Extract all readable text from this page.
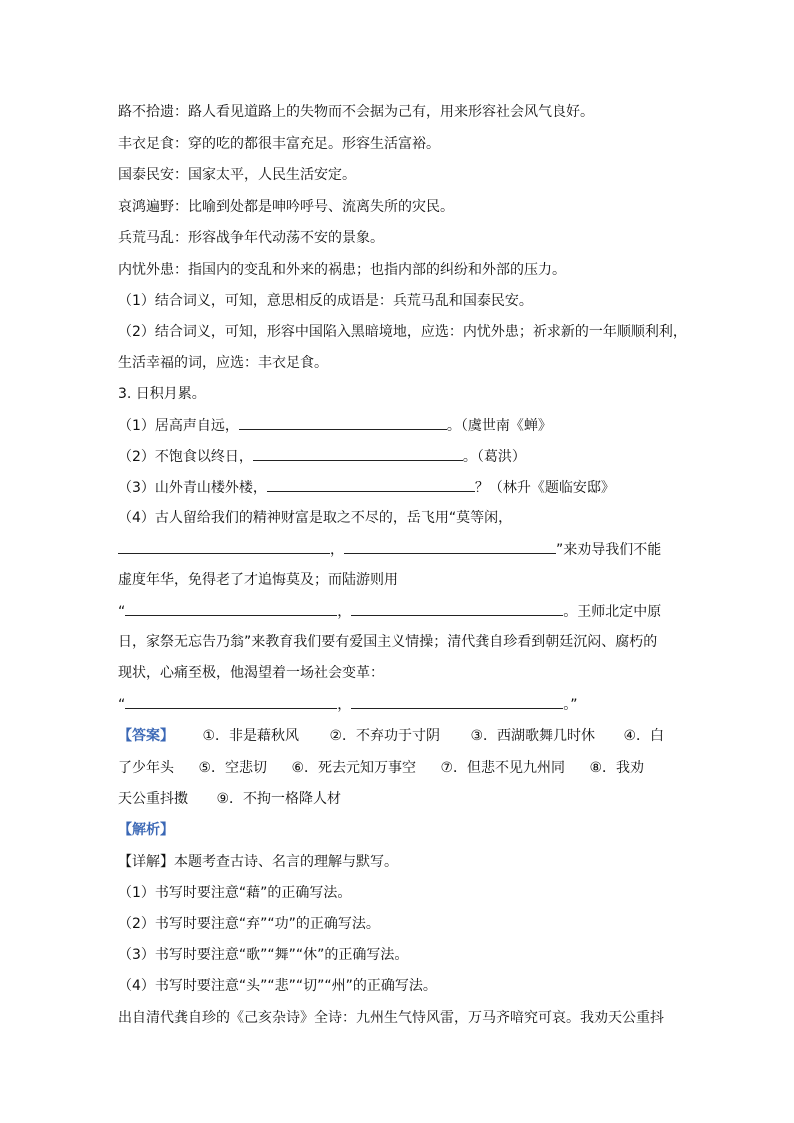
路不拾遗：路人看见道路上的失物而不会据为己有，用来形容社会风气良好。
丰衣足食：穿的吃的都很丰富充足。形容生活富裕。
国泰民安：国家太平，人民生活安定。
哀鸿遍野：比喻到处都是呻吟呼号、流离失所的灾民。
兵荒马乱：形容战争年代动荡不安的景象。
内忧外患：指国内的变乱和外来的祸患；也指内部的纠纷和外部的压力。
（1）结合词义，可知，意思相反的成语是：兵荒马乱和国泰民安。
（2）结合词义，可知，形容中国陷入黑暗境地，应选：内忧外患；祈求新的一年顺顺利利，
生活幸福的词，应选：丰衣足食。
3. 日积月累。
（1）居高声自远，	。（虞世南《蝉》
（2）不饱食以终日，	。（葛洪）
（3）山外青山楼外楼，	？（林升《题临安邸》
（4）古人留给我们的精神财富是取之不尽的，岳飞用“莫等闲，
，	”来劝导我们不能
虚度年华，免得老了才追悔莫及；而陆游则用
“	，	。王师北定中原
日，家祭无忘告乃翁”来教育我们要有爱国主义情操；清代龚自珍看到朝廷沉闷、腐朽的
现状，心痛至极，他渴望着一场社会变革：
“	，	。”
【答案】 ①．非是藉秋风 ②．不弃功于寸阴 ③．西湖歌舞几时休 ④．白
了少年头 ⑤．空悲切 ⑥．死去元知万事空 ⑦．但悲不见九州同 ⑧．我劝
天公重抖擞 ⑨．不拘一格降人材
【解析】
【详解】本题考查古诗、名言的理解与默写。
（1）书写时要注意“藉”的正确写法。
（2）书写时要注意“弃”“功”的正确写法。
（3）书写时要注意“歌”“舞”“休”的正确写法。
（4）书写时要注意“头”“悲”“切”“州”的正确写法。
出自清代龚自珍的《己亥杂诗》全诗：九州生气恃风雷，万马齐喑究可哀。我劝天公重抖
